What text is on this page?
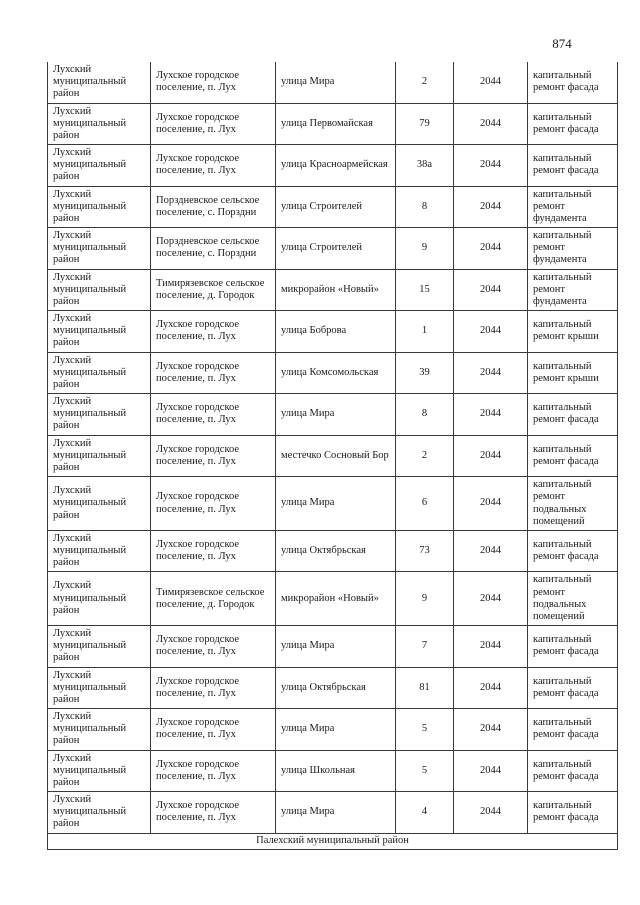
874
Лухский муниципальный район	Лухское городское поселение, п. Лух	улица Мира	2	2044	капитальный ремонт фасада
Лухский муниципальный район	Лухское городское поселение, п. Лух	улица Первомайская	79	2044	капитальный ремонт фасада
Лухский муниципальный район	Лухское городское поселение, п. Лух	улица Красноармейская	38а	2044	капитальный ремонт фасада
Лухский муниципальный район	Порздневское сельское поселение, с. Порздни	улица Строителей	8	2044	капитальный ремонт фундамента
Лухский муниципальный район	Порздневское сельское поселение, с. Порздни	улица Строителей	9	2044	капитальный ремонт фундамента
Лухский муниципальный район	Тимирязевское сельское поселение, д. Городок	микрорайон «Новый»	15	2044	капитальный ремонт фундамента
Лухский муниципальный район	Лухское городское поселение, п. Лух	улица Боброва	1	2044	капитальный ремонт крыши
Лухский муниципальный район	Лухское городское поселение, п. Лух	улица Комсомольская	39	2044	капитальный ремонт крыши
Лухский муниципальный район	Лухское городское поселение, п. Лух	улица Мира	8	2044	капитальный ремонт фасада
Лухский муниципальный район	Лухское городское поселение, п. Лух	местечко Сосновый Бор	2	2044	капитальный ремонт фасада
Лухский муниципальный район	Лухское городское поселение, п. Лух	улица Мира	6	2044	капитальный ремонт подвальных помещений
Лухский муниципальный район	Лухское городское поселение, п. Лух	улица Октябрьская	73	2044	капитальный ремонт фасада
Лухский муниципальный район	Тимирязевское сельское поселение, д. Городок	микрорайон «Новый»	9	2044	капитальный ремонт подвальных помещений
Лухский муниципальный район	Лухское городское поселение, п. Лух	улица Мира	7	2044	капитальный ремонт фасада
Лухский муниципальный район	Лухское городское поселение, п. Лух	улица Октябрьская	81	2044	капитальный ремонт фасада
Лухский муниципальный район	Лухское городское поселение, п. Лух	улица Мира	5	2044	капитальный ремонт фасада
Лухский муниципальный район	Лухское городское поселение, п. Лух	улица Школьная	5	2044	капитальный ремонт фасада
Лухский муниципальный район	Лухское городское поселение, п. Лух	улица Мира	4	2044	капитальный ремонт фасада
Палехский муниципальный район					
